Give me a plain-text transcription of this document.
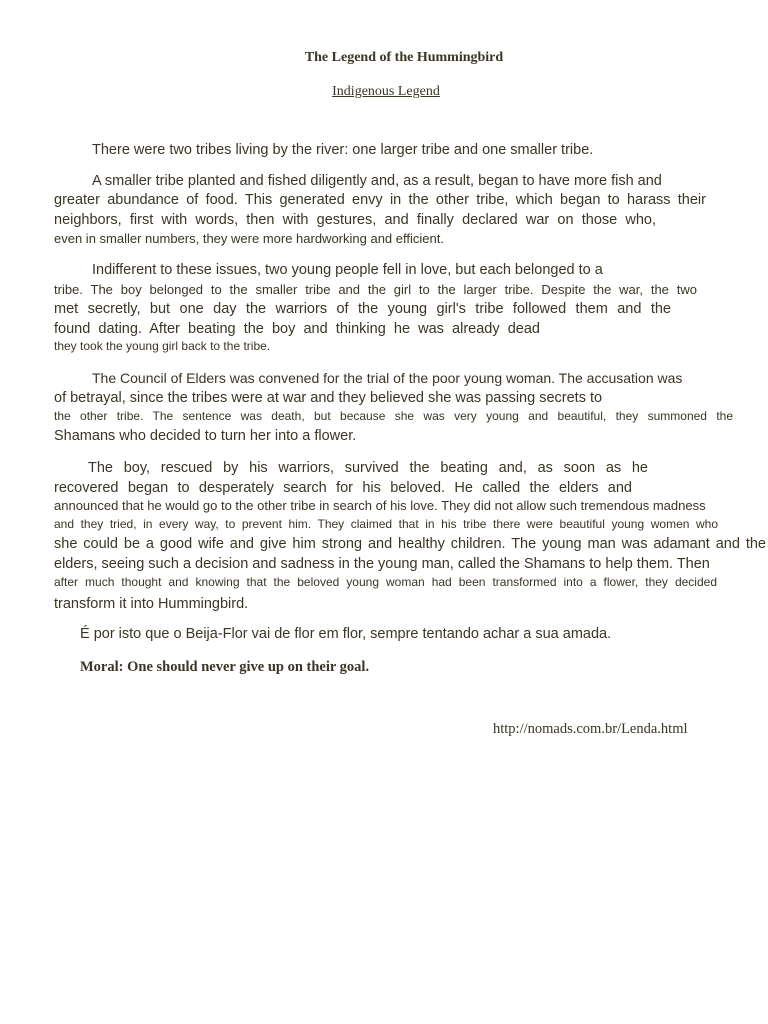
The Legend of the Hummingbird
Indigenous Legend
There were two tribes living by the river: one larger tribe and one smaller tribe.
A smaller tribe planted and fished diligently and, as a result, began to have more fish and
greater abundance of food. This generated envy in the other tribe, which began to harass their
neighbors, first with words, then with gestures, and finally declared war on those who,
even in smaller numbers, they were more hardworking and efficient.
Indifferent to these issues, two young people fell in love, but each belonged to a
tribe. The boy belonged to the smaller tribe and the girl to the larger tribe. Despite the war, the two
met secretly, but one day the warriors of the young girl's tribe followed them and the
found dating. After beating the boy and thinking he was already dead
they took the young girl back to the tribe.
The Council of Elders was convened for the trial of the poor young woman. The accusation was
of betrayal, since the tribes were at war and they believed she was passing secrets to
the other tribe. The sentence was death, but because she was very young and beautiful, they summoned the
Shamans who decided to turn her into a flower.
The boy, rescued by his warriors, survived the beating and, as soon as he
recovered began to desperately search for his beloved. He called the elders and
announced that he would go to the other tribe in search of his love. They did not allow such tremendous madness
and they tried, in every way, to prevent him. They claimed that in his tribe there were beautiful young women who
she could be a good wife and give him strong and healthy children. The young man was adamant and the
elders, seeing such a decision and sadness in the young man, called the Shamans to help them. Then
after much thought and knowing that the beloved young woman had been transformed into a flower, they decided
transform it into Hummingbird.
É por isto que o Beija-Flor vai de flor em flor, sempre tentando achar a sua amada.
Moral: One should never give up on their goal.
http://nomads.com.br/Lenda.html
